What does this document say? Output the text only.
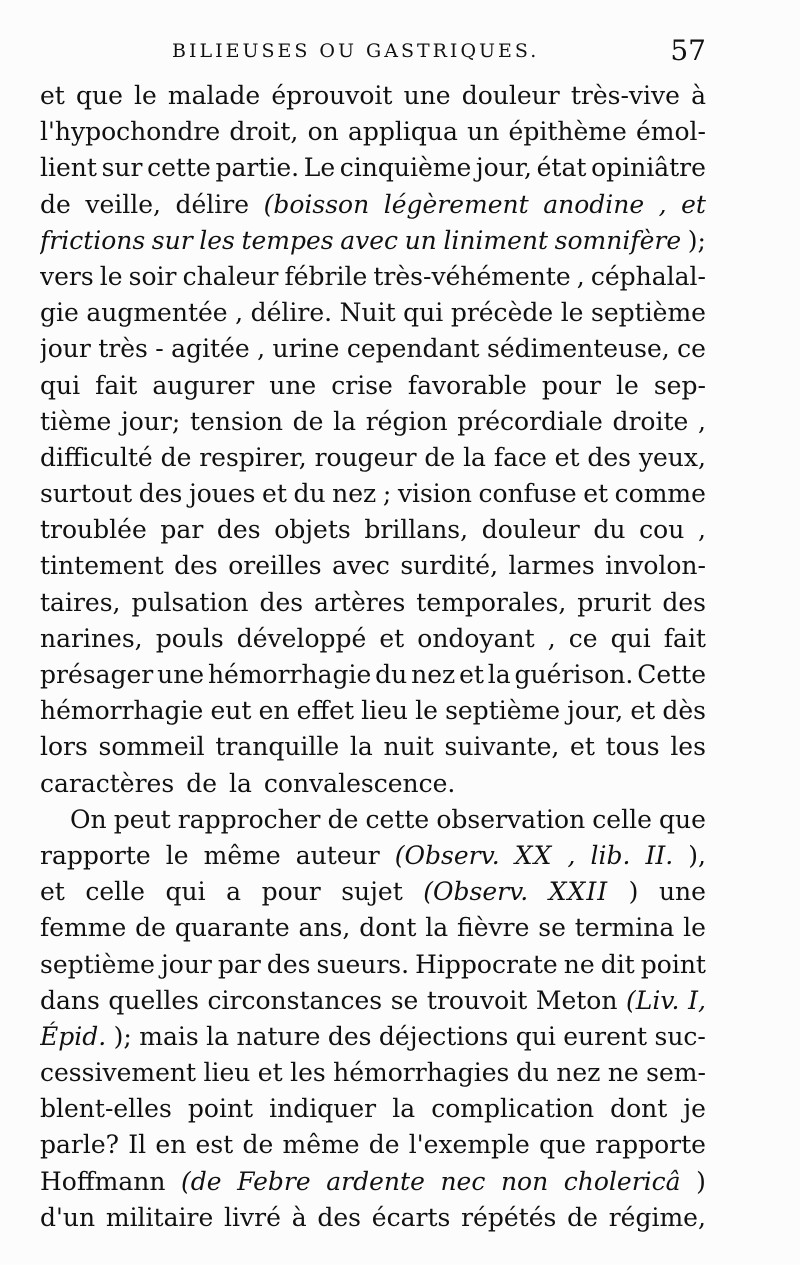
BILIEUSES OU GASTRIQUES.	57
et que le malade éprouvoit une douleur très-vive à
l'hypochondre droit, on appliqua un épithème émol-
lient sur cette partie. Le cinquième jour, état opiniâtre
de veille, délire (boisson légèrement anodine , et
frictions sur les tempes avec un liniment somnifère );
vers le soir chaleur fébrile très-véhémente , céphalal-
gie augmentée , délire. Nuit qui précède le septième
jour très - agitée , urine cependant sédimenteuse, ce
qui fait augurer une crise favorable pour le sep-
tième jour; tension de la région précordiale droite ,
difficulté de respirer, rougeur de la face et des yeux,
surtout des joues et du nez ; vision confuse et comme
troublée par des objets brillans, douleur du cou ,
tintement des oreilles avec surdité, larmes involon-
taires, pulsation des artères temporales, prurit des
narines, pouls développé et ondoyant , ce qui fait
présager une hémorrhagie du nez et la guérison. Cette
hémorrhagie eut en effet lieu le septième jour, et dès
lors sommeil tranquille la nuit suivante, et tous les
caractères de la convalescence.
On peut rapprocher de cette observation celle que
rapporte le même auteur (Observ. XX , lib. II. ),
et celle qui a pour sujet (Observ. XXII ) une
femme de quarante ans, dont la fièvre se termina le
septième jour par des sueurs. Hippocrate ne dit point
dans quelles circonstances se trouvoit Meton (Liv. I,
Épid. ); mais la nature des déjections qui eurent suc-
cessivement lieu et les hémorrhagies du nez ne sem-
blent-elles point indiquer la complication dont je
parle? Il en est de même de l'exemple que rapporte
Hoffmann (de Febre ardente nec non cholericâ )
d'un militaire livré à des écarts répétés de régime,
